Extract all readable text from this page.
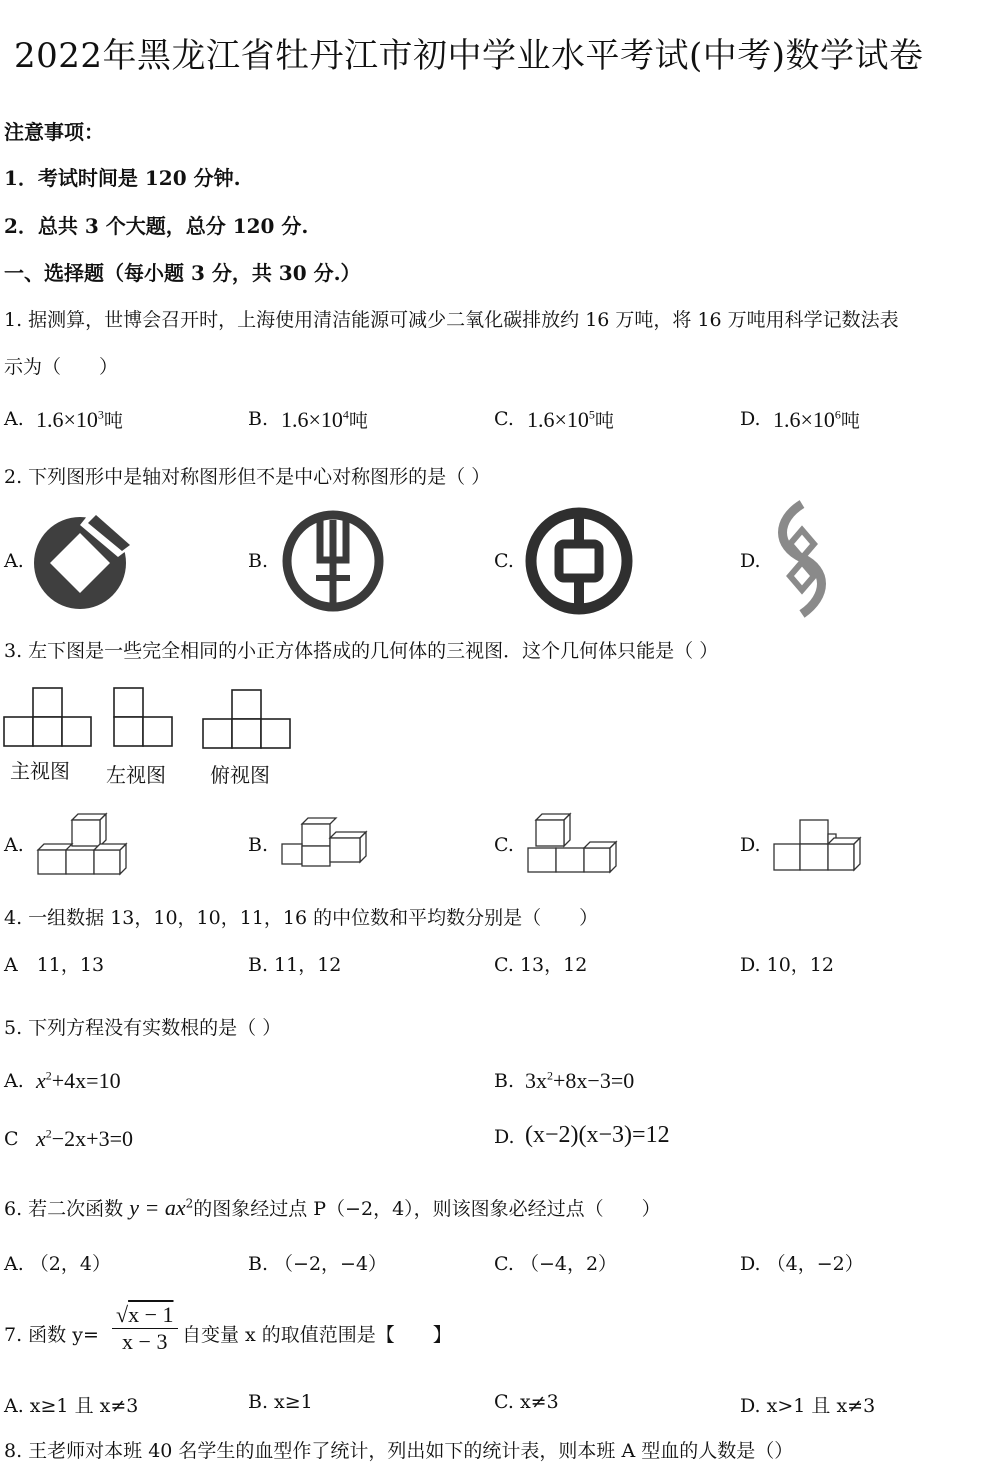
2022年黑龙江省牡丹江市初中学业水平考试(中考)数学试卷
注意事项：
1．考试时间是 120 分钟.
2．总共 3 个大题，总分 120 分.
一、选择题（每小题 3 分，共 30 分.）
1. 据测算，世博会召开时，上海使用清洁能源可减少二氧化碳排放约 16 万吨，将 16 万吨用科学记数法表
示为（　　）
A. $1.6\times 10^3$吨	B. $1.6\times 10^4$吨	C. $1.6\times 10^5$吨	D. $1.6\times 10^6$吨
2. 下列图形中是轴对称图形但不是中心对称图形的是（ ）
A.	B.	C.	D.
3. 左下图是一些完全相同的小正方体搭成的几何体的三视图．这个几何体只能是（ ）
主视图 左视图 俯视图
A.	B.	C.	D.
4. 一组数据 13，10，10，11，16 的中位数和平均数分别是（　　）
A　11，13	B. 11，12	C. 13，12	D. 10，12
5. 下列方程没有实数根的是（ ）
A. $x^2+4x=10$	B. $3x^2+8x-3=0$
C $x^2-2x+3=0$	D. (x−2)(x−3)=12
6. 若二次函数 $y = ax^2$的图象经过点 P（−2，4），则该图象必经过点（　　）
A. （2，4）	B. （−2，−4）	C. （−4，2）	D. （4，−2）
7. 函数 $y= \frac{√x - 1}{x - 3}$ 自变量 x 的取值范围是【　　】
A. x≥1 且 x≠3	B. x≥1	C. x≠3	D. x>1 且 x≠3
8. 王老师对本班 40 名学生的血型作了统计，列出如下的统计表，则本班 A 型血的人数是（）
